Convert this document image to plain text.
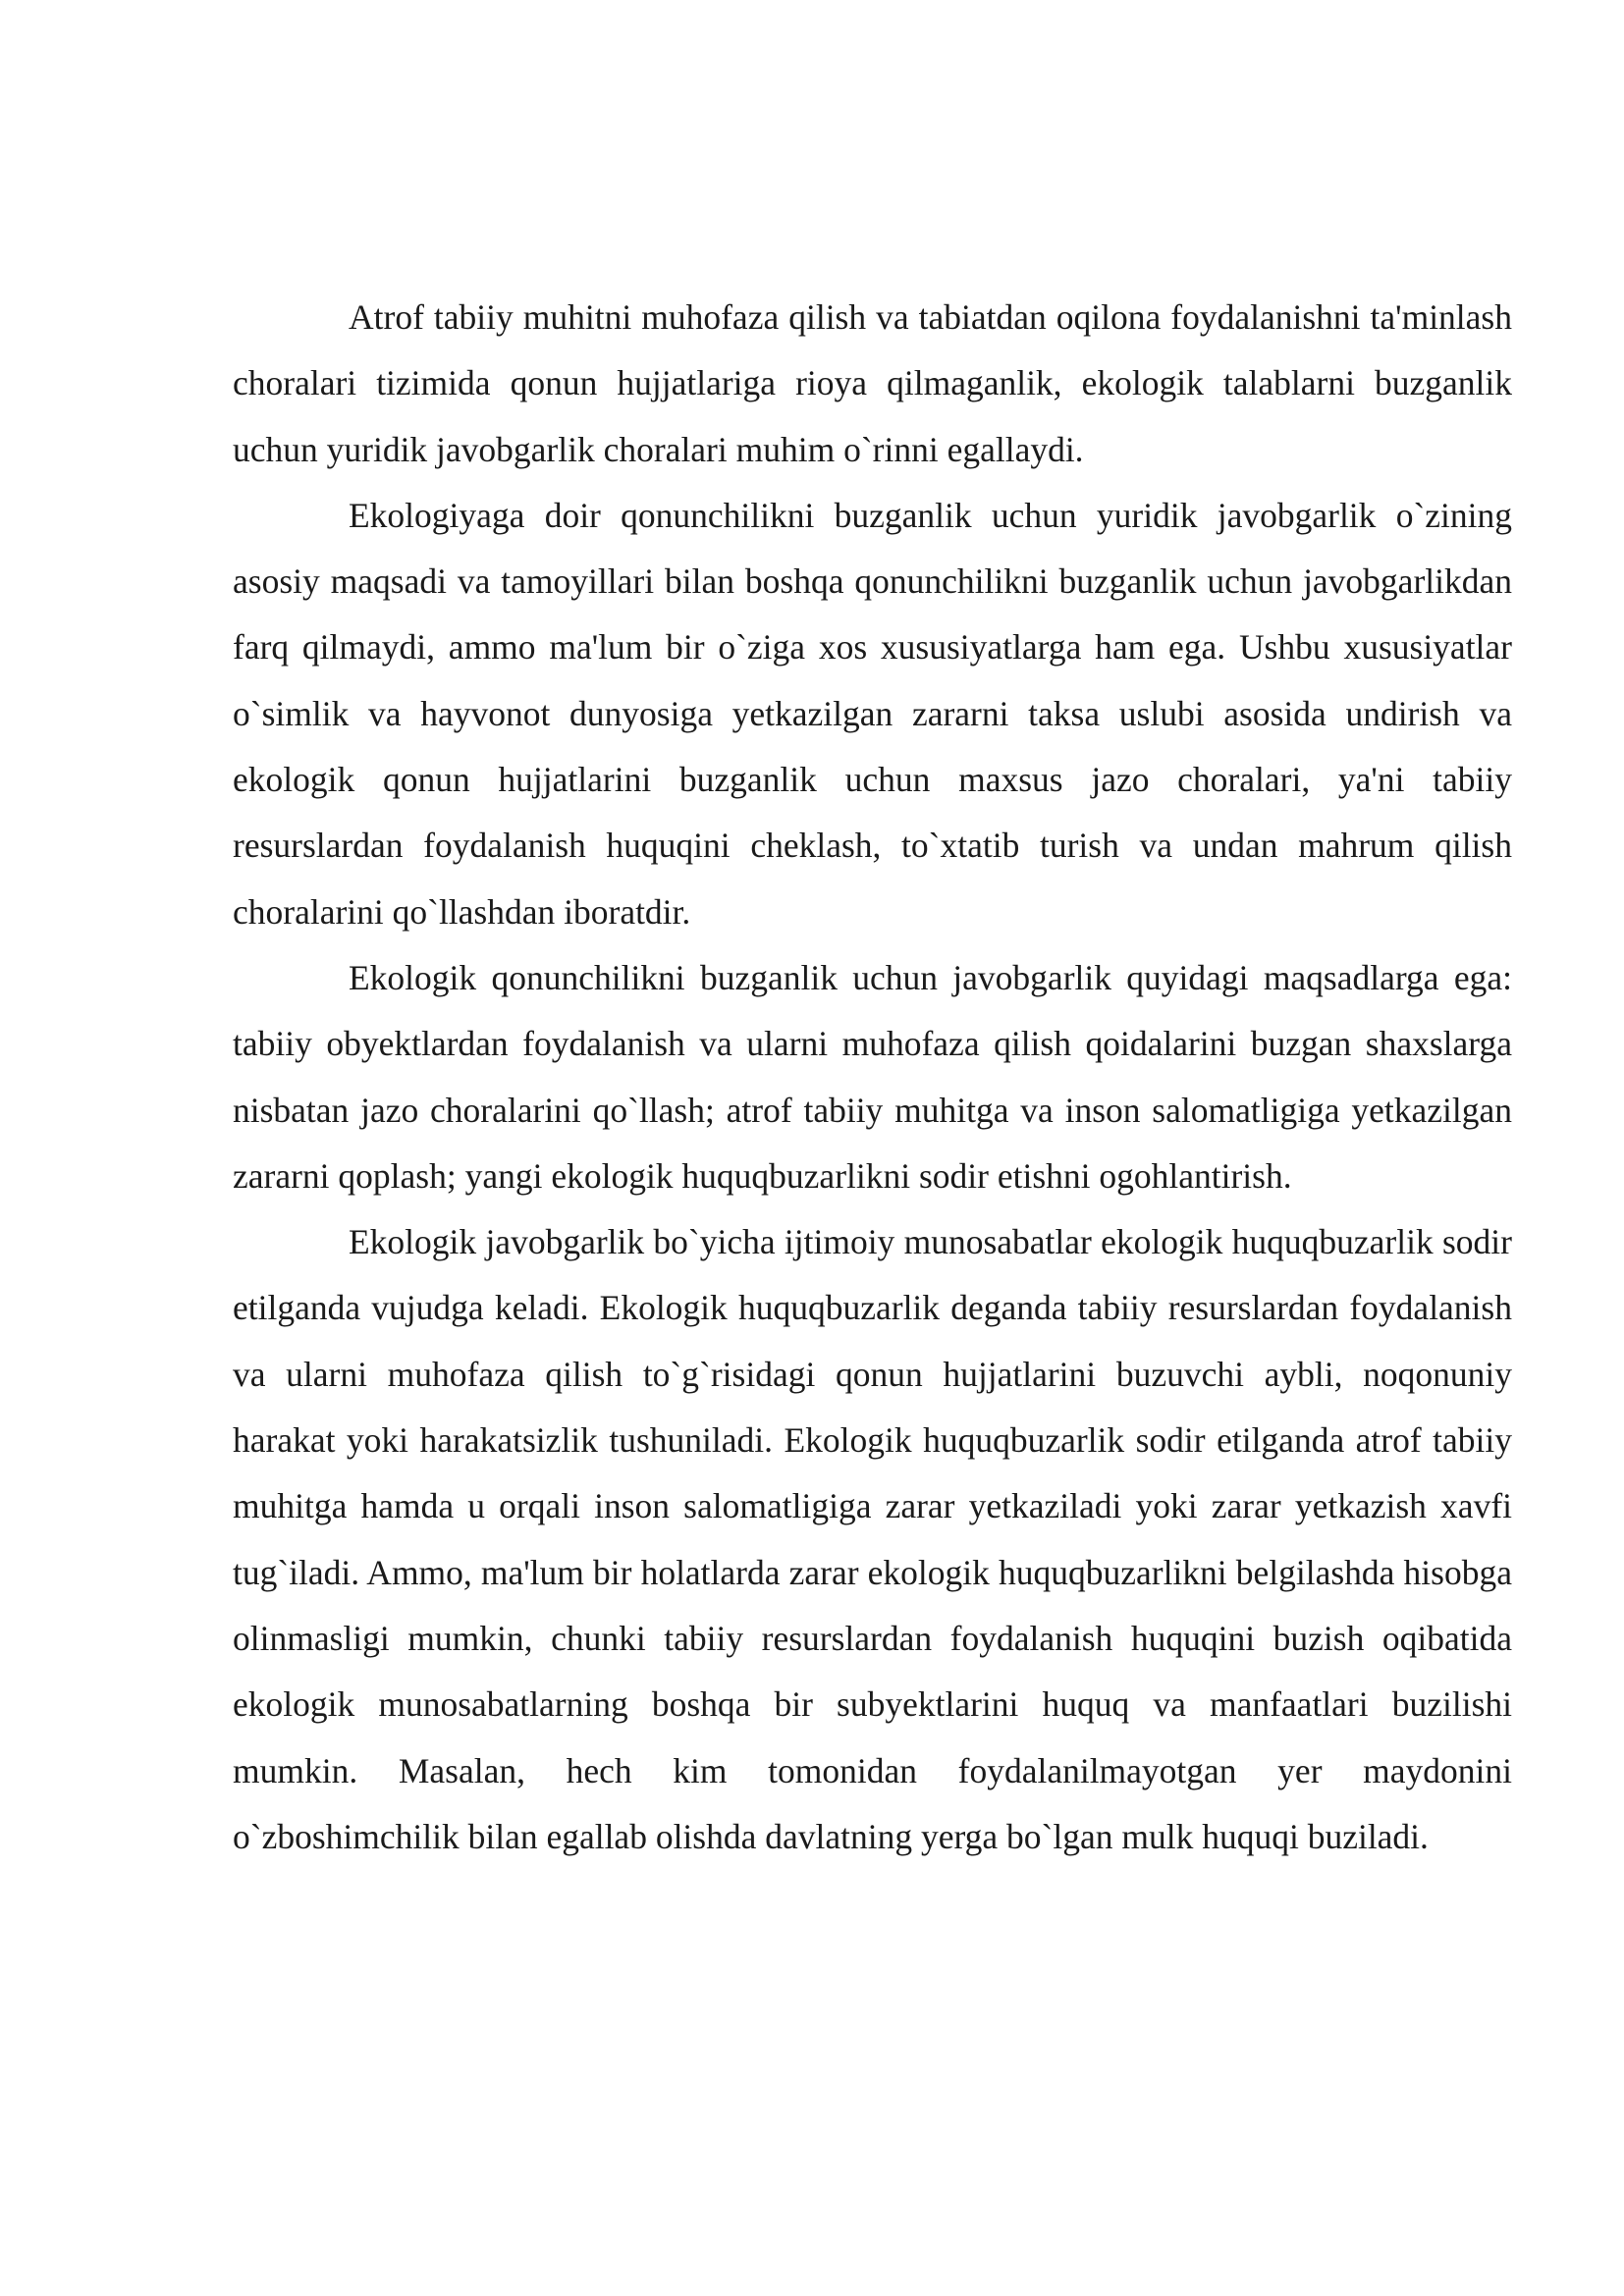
Atrof tabiiy muhitni muhofaza qilish va tabiatdan oqilona foydalanishni ta'minlash choralari tizimida qonun hujjatlariga rioya qilmaganlik, ekologik talablarni buzganlik uchun yuridik javobgarlik choralari muhim o`rinni egallaydi.

Ekologiyaga doir qonunchilikni buzganlik uchun yuridik javobgarlik o`zining asosiy maqsadi va tamoyillari bilan boshqa qonunchilikni buzganlik uchun javobgarlikdan farq qilmaydi, ammo ma'lum bir o`ziga xos xususiyatlarga ham ega. Ushbu xususiyatlar o`simlik va hayvonot dunyosiga yetkazilgan zararni taksa uslubi asosida undirish va ekologik qonun hujjatlarini buzganlik uchun maxsus jazo choralari, ya'ni tabiiy resurslardan foydalanish huquqini cheklash, to`xtatib turish va undan mahrum qilish choralarini qo`llashdan iboratdir.

Ekologik qonunchilikni buzganlik uchun javobgarlik quyidagi maqsadlarga ega: tabiiy obyektlardan foydalanish va ularni muhofaza qilish qoidalarini buzgan shaxslarga nisbatan jazo choralarini qo`llash; atrof tabiiy muhitga va inson salomatligiga yetkazilgan zararni qoplash; yangi ekologik huquqbuzarlikni sodir etishni ogohlantirish.

Ekologik javobgarlik bo`yicha ijtimoiy munosabatlar ekologik huquqbuzarlik sodir etilganda vujudga keladi. Ekologik huquqbuzarlik deganda tabiiy resurslardan foydalanish va ularni muhofaza qilish to`g`risidagi qonun hujjatlarini buzuvchi aybli, noqonuniy harakat yoki harakatsizlik tushuniladi. Ekologik huquqbuzarlik sodir etilganda atrof tabiiy muhitga hamda u orqali inson salomatligiga zarar yetkaziladi yoki zarar yetkazish xavfi tug`iladi. Ammo, ma'lum bir holatlarda zarar ekologik huquqbuzarlikni belgilashda hisobga olinmasligi mumkin, chunki tabiiy resurslardan foydalanish huquqini buzish oqibatida ekologik munosabatlarning boshqa bir subyektlarini huquq va manfaatlari buzilishi mumkin. Masalan, hech kim tomonidan foydalanilmayotgan yer maydonini o`zboshimchilik bilan egallab olishda davlatning yerga bo`lgan mulk huquqi buziladi.
